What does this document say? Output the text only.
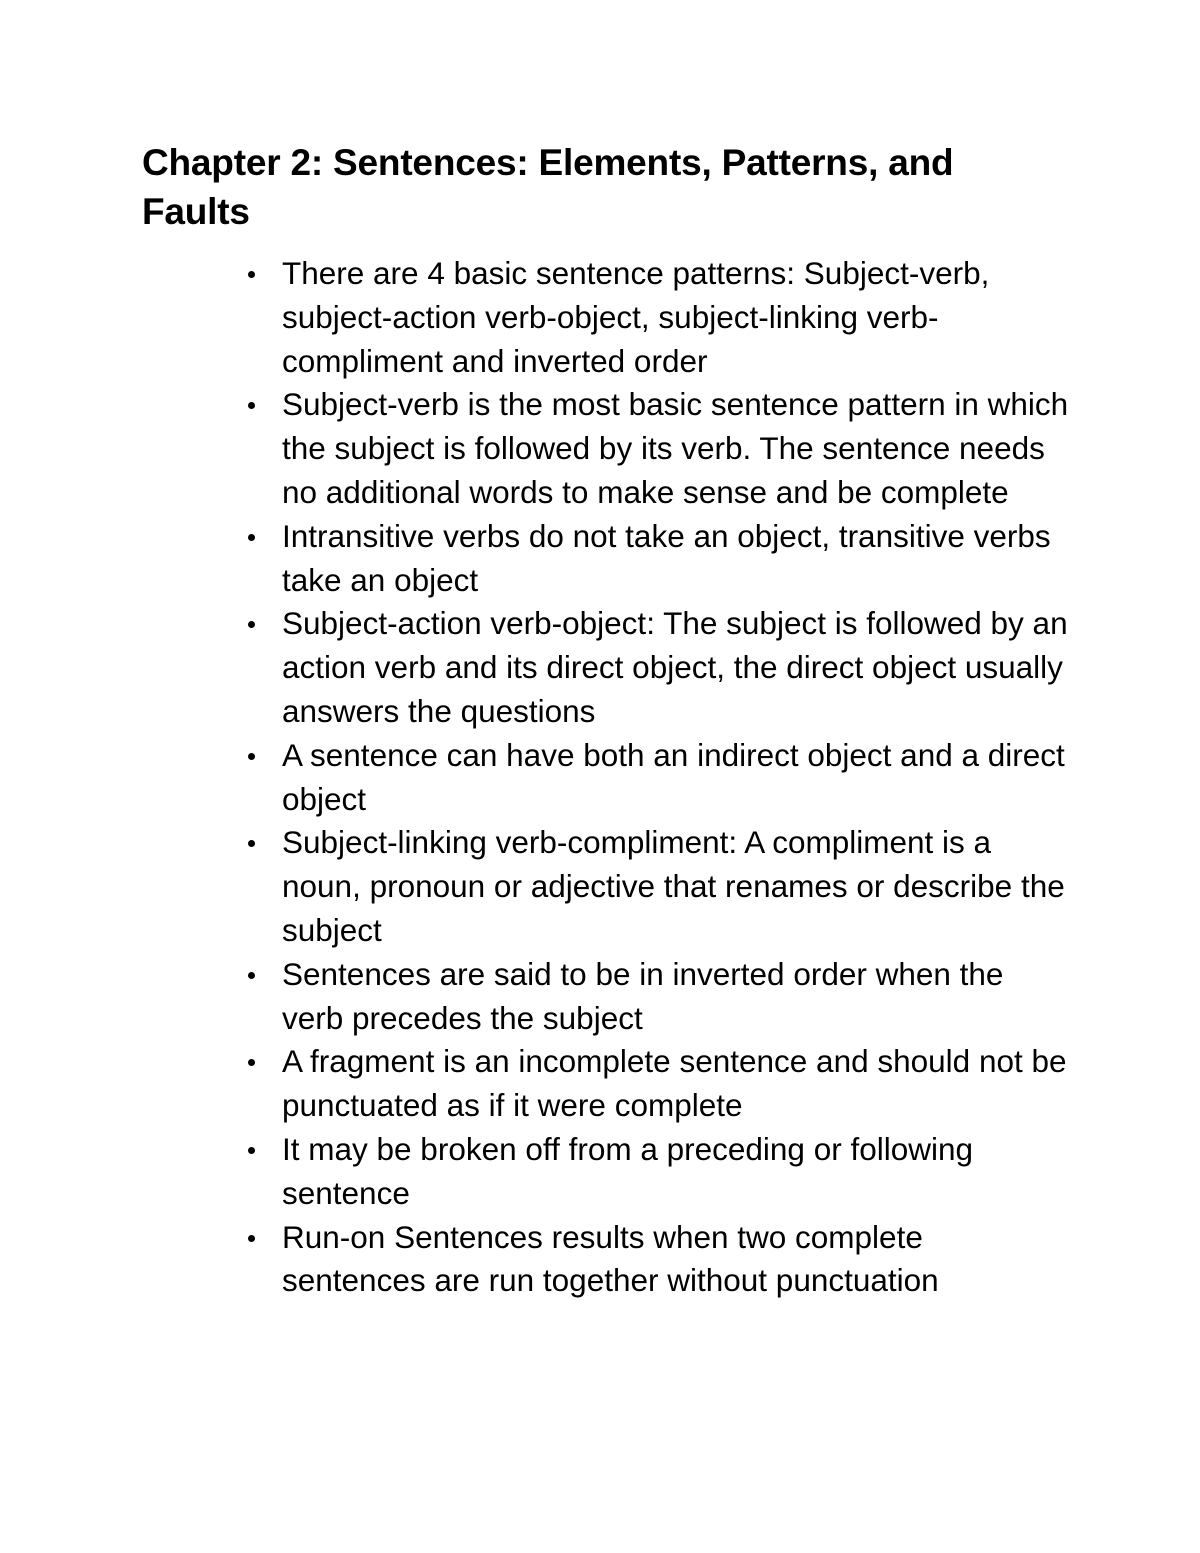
Chapter 2: Sentences: Elements, Patterns, and Faults
There are 4 basic sentence patterns: Subject-verb, subject-action verb-object, subject-linking verb-compliment and inverted order
Subject-verb is the most basic sentence pattern in which the subject is followed by its verb. The sentence needs no additional words to make sense and be complete
Intransitive verbs do not take an object, transitive verbs take an object
Subject-action verb-object: The subject is followed by an action verb and its direct object, the direct object usually answers the questions
A sentence can have both an indirect object and a direct object
Subject-linking verb-compliment: A compliment is a noun, pronoun or adjective that renames or describe the subject
Sentences are said to be in inverted order when the verb precedes the subject
A fragment is an incomplete sentence and should not be punctuated as if it were complete
It may be broken off from a preceding or following sentence
Run-on Sentences results when two complete sentences are run together without punctuation
